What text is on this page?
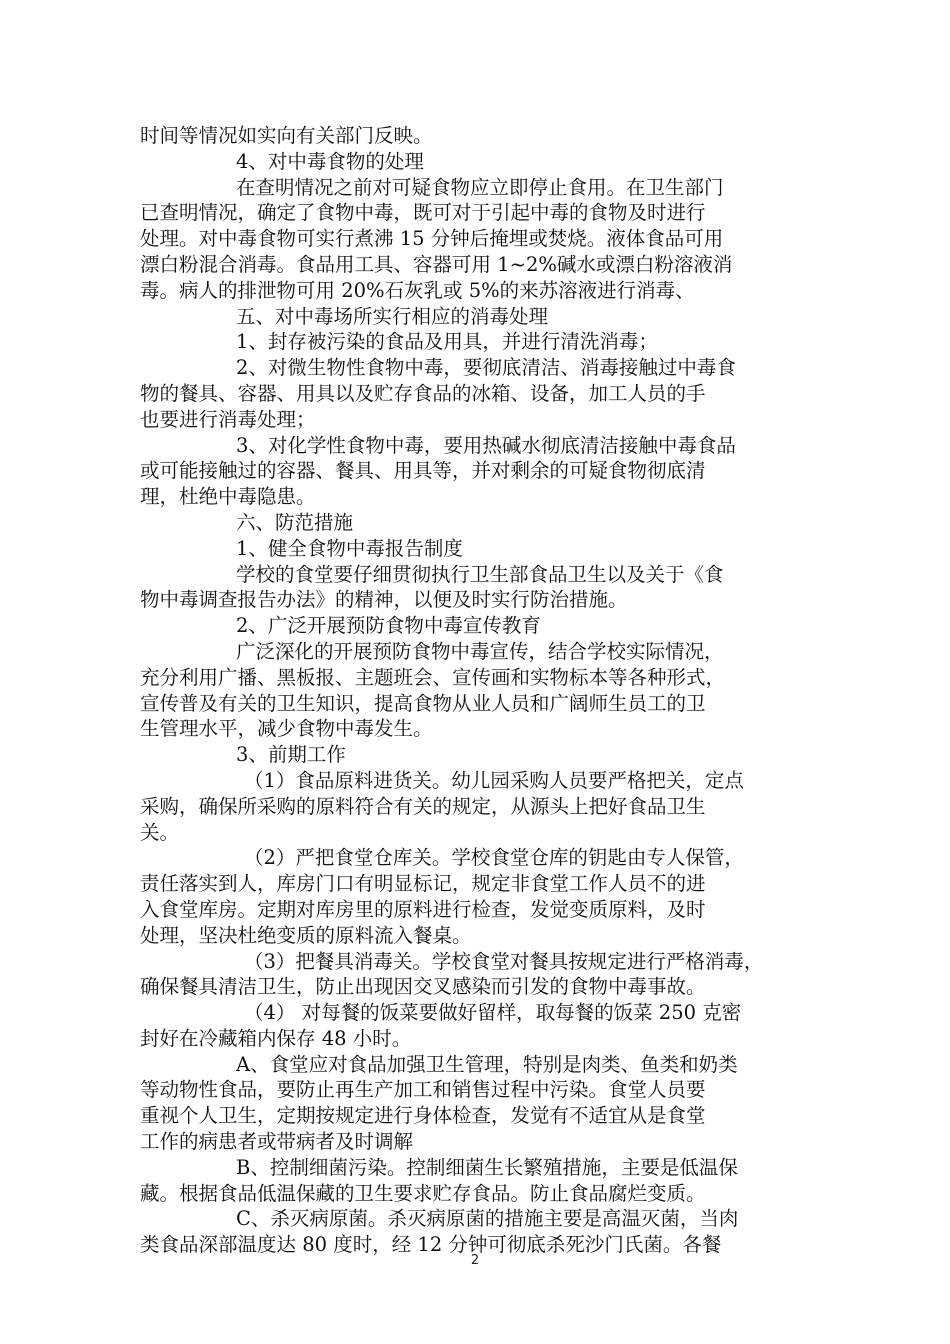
时间等情况如实向有关部门反映。
4、对中毒食物的处理
在查明情况之前对可疑食物应立即停止食用。在卫生部门
已查明情况，确定了食物中毒，既可对于引起中毒的食物及时进行
处理。对中毒食物可实行煮沸 15 分钟后掩埋或焚烧。液体食品可用
漂白粉混合消毒。食品用工具、容器可用 1~2%碱水或漂白粉溶液消
毒。病人的排泄物可用 20%石灰乳或 5%的来苏溶液进行消毒、
五、对中毒场所实行相应的消毒处理
1、封存被污染的食品及用具，并进行清洗消毒；
2、对微生物性食物中毒，要彻底清洁、消毒接触过中毒食
物的餐具、容器、用具以及贮存食品的冰箱、设备，加工人员的手
也要进行消毒处理；
3、对化学性食物中毒，要用热碱水彻底清洁接触中毒食品
或可能接触过的容器、餐具、用具等，并对剩余的可疑食物彻底清
理，杜绝中毒隐患。
六、防范措施
1、健全食物中毒报告制度
学校的食堂要仔细贯彻执行卫生部食品卫生以及关于《食
物中毒调查报告办法》的精神，以便及时实行防治措施。
2、广泛开展预防食物中毒宣传教育
广泛深化的开展预防食物中毒宣传，结合学校实际情况，
充分利用广播、黑板报、主题班会、宣传画和实物标本等各种形式，
宣传普及有关的卫生知识，提高食物从业人员和广阔师生员工的卫
生管理水平，减少食物中毒发生。
3、前期工作
（1）食品原料进货关。幼儿园采购人员要严格把关，定点
采购，确保所采购的原料符合有关的规定，从源头上把好食品卫生
关。
（2）严把食堂仓库关。学校食堂仓库的钥匙由专人保管，
责任落实到人，库房门口有明显标记，规定非食堂工作人员不的进
入食堂库房。定期对库房里的原料进行检查，发觉变质原料，及时
处理，坚决杜绝变质的原料流入餐桌。
（3）把餐具消毒关。学校食堂对餐具按规定进行严格消毒，
确保餐具清洁卫生，防止出现因交叉感染而引发的食物中毒事故。
（4） 对每餐的饭菜要做好留样，取每餐的饭菜 250 克密
封好在冷藏箱内保存 48 小时。
A、食堂应对食品加强卫生管理，特别是肉类、鱼类和奶类
等动物性食品，要防止再生产加工和销售过程中污染。食堂人员要
重视个人卫生，定期按规定进行身体检查，发觉有不适宜从是食堂
工作的病患者或带病者及时调解
B、控制细菌污染。控制细菌生长繁殖措施，主要是低温保
藏。根据食品低温保藏的卫生要求贮存食品。防止食品腐烂变质。
C、杀灭病原菌。杀灭病原菌的措施主要是高温灭菌，当肉
类食品深部温度达 80 度时，经 12 分钟可彻底杀死沙门氏菌。各餐
2
